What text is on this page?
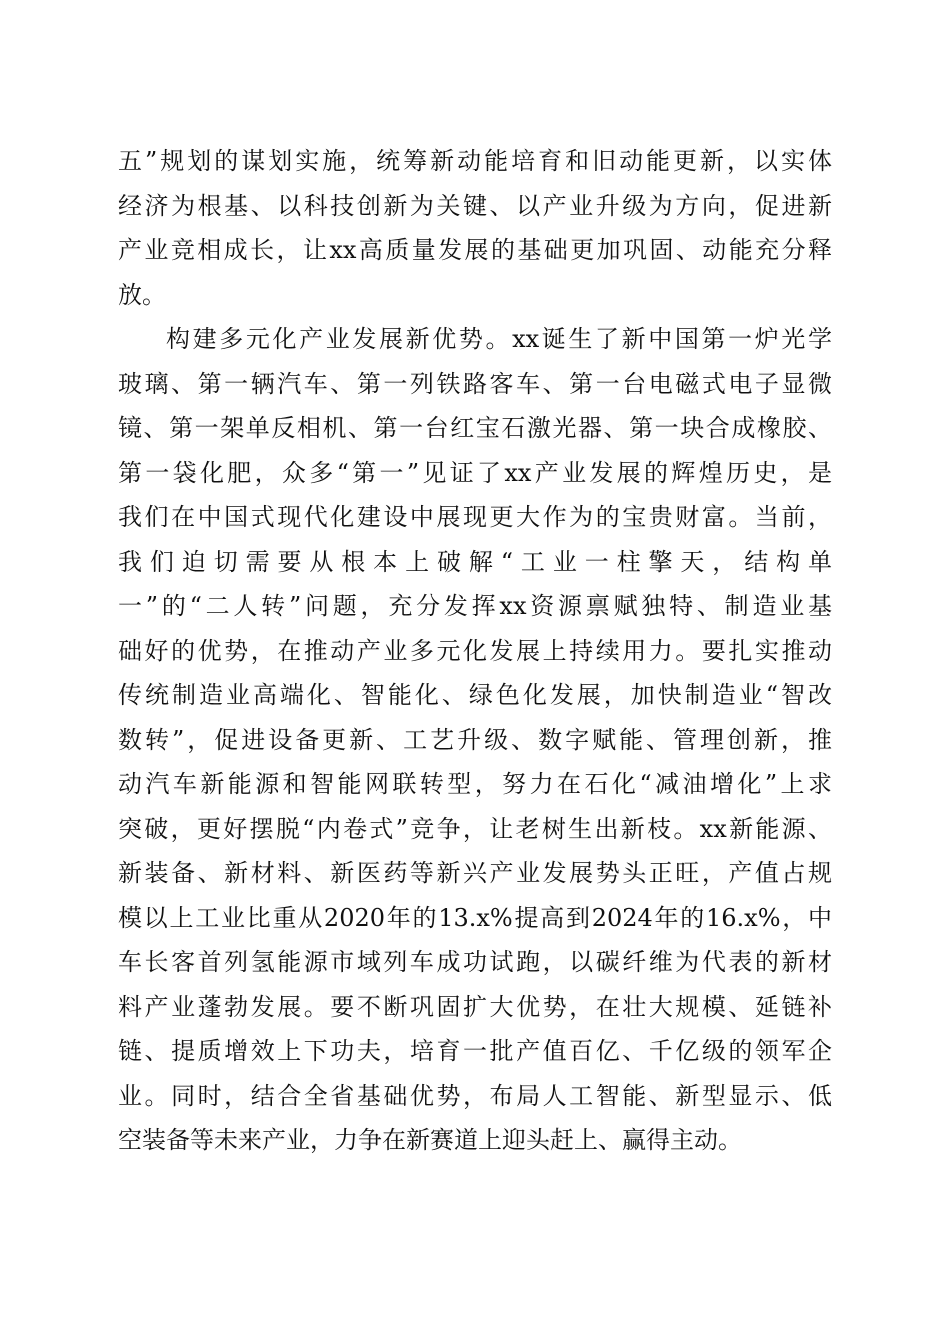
五”规划的谋划实施，统筹新动能培育和旧动能更新，以实体
经济为根基、以科技创新为关键、以产业升级为方向，促进新
产业竞相成长，让xx高质量发展的基础更加巩固、动能充分释
放。
构建多元化产业发展新优势。xx诞生了新中国第一炉光学
玻璃、第一辆汽车、第一列铁路客车、第一台电磁式电子显微
镜、第一架单反相机、第一台红宝石激光器、第一块合成橡胶、
第一袋化肥，众多“第一”见证了xx产业发展的辉煌历史，是
我们在中国式现代化建设中展现更大作为的宝贵财富。当前，
我们迫切需要从根本上破解“工业一柱擎天，结构单
一”的“二人转”问题，充分发挥xx资源禀赋独特、制造业基
础好的优势，在推动产业多元化发展上持续用力。要扎实推动
传统制造业高端化、智能化、绿色化发展，加快制造业“智改
数转”，促进设备更新、工艺升级、数字赋能、管理创新，推
动汽车新能源和智能网联转型，努力在石化“减油增化”上求
突破，更好摆脱“内卷式”竞争，让老树生出新枝。xx新能源、
新装备、新材料、新医药等新兴产业发展势头正旺，产值占规
模以上工业比重从2020年的13.x%提高到2024年的16.x%，中
车长客首列氢能源市域列车成功试跑，以碳纤维为代表的新材
料产业蓬勃发展。要不断巩固扩大优势，在壮大规模、延链补
链、提质增效上下功夫，培育一批产值百亿、千亿级的领军企
业。同时，结合全省基础优势，布局人工智能、新型显示、低
空装备等未来产业，力争在新赛道上迎头赶上、赢得主动。
